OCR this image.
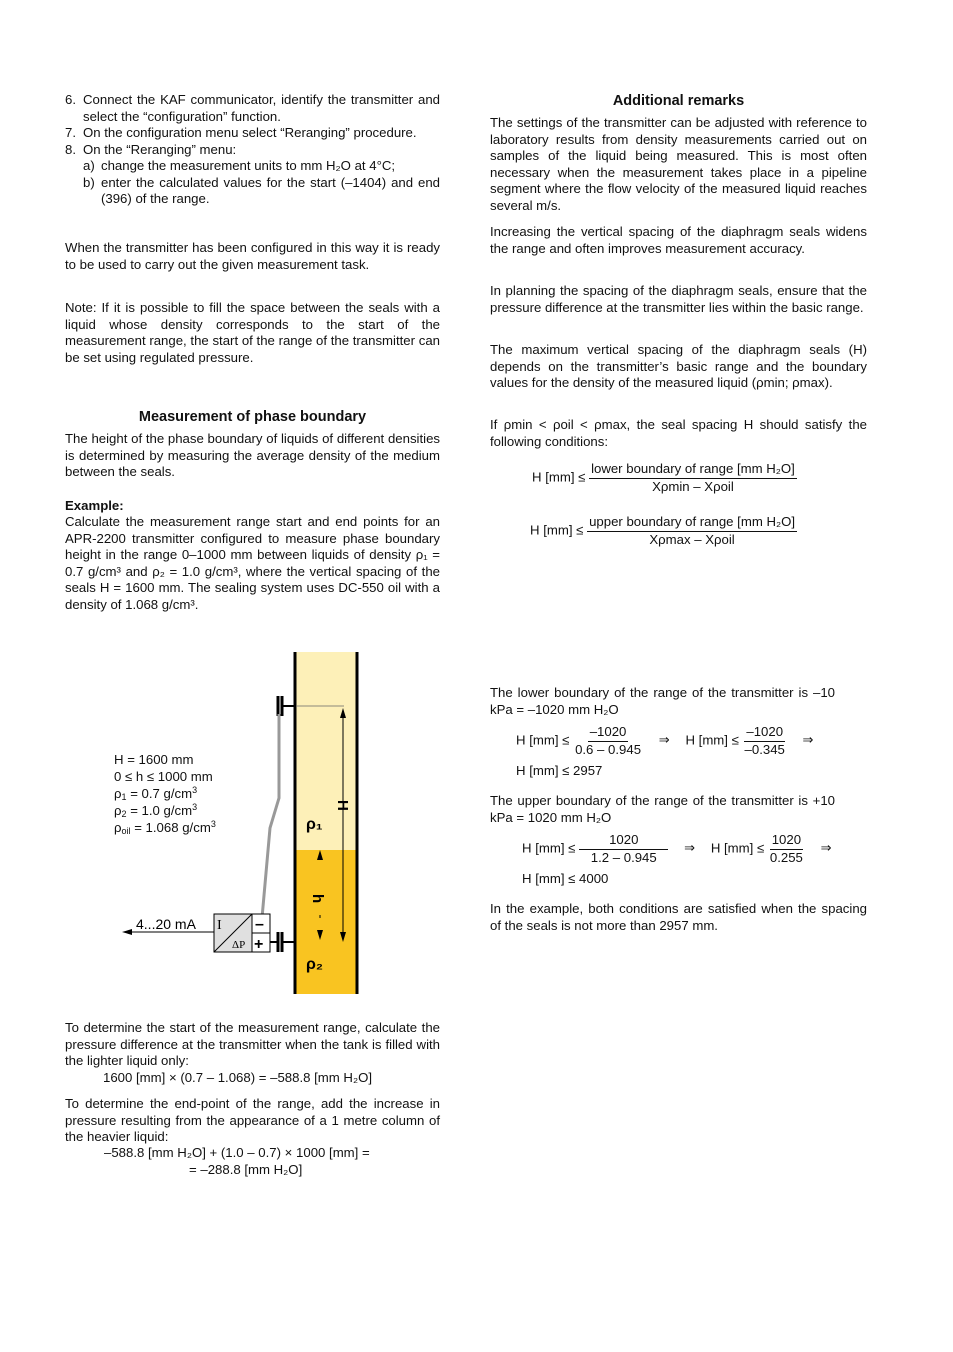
6. Connect the KAF communicator, identify the transmitter and select the “configuration” function.

7. On the configuration menu select “Reranging” procedure.

8. On the “Reranging” menu:

a) change the measurement units to mm H₂O at 4°C;

b) enter the calculated values for the start (–1404) and end (396) of the range.

When the transmitter has been configured in this way it is ready to be used to carry out the given measurement task.

Note: If it is possible to fill the space between the seals with a liquid whose density corresponds to the start of the measurement range, the start of the range of the transmitter can be set using regulated pressure.

Measurement of phase boundary

The height of the phase boundary of liquids of different densities is determined by measuring the average density of the medium between the seals.

Example:

Calculate the measurement range start and end points for an APR-2200 transmitter configured to measure phase boundary height in the range 0–1000 mm between liquids of density ρ₁ = 0.7 g/cm³ and ρ₂ = 1.0 g/cm³, where the vertical spacing of the seals H = 1600 mm. The sealing system uses DC-550 oil with a density of 1.068 g/cm³.

H
h
ρ₁
ρ₂
I
ΔP
–
+
4...20 mA
H = 1600 mm
0 ≤ h ≤ 1000 mm
$\rho_1 = 0.7$ $g/cm^3$
$\rho_2 = 1.0$ $g/cm^3$
$\rho_{oil} = 1.068$ $g/cm^3$

To determine the start of the measurement range, calculate the pressure difference at the transmitter when the tank is filled with the lighter liquid only:

1600 [mm] × (0.7 – 1.068) = –588.8 [mm H₂O]

To determine the end-point of the range, add the increase in pressure resulting from the appearance of a 1 metre column of the heavier liquid:

–588.8 [mm H₂O] + (1.0 – 0.7) × 1000 [mm] =
= –288.8 [mm H₂O]
Additional remarks

The settings of the transmitter can be adjusted with reference to laboratory results from density measurements carried out on samples of the liquid being measured. This is most often necessary when the measurement takes place in a pipeline segment where the flow velocity of the measured liquid reaches several m/s.

Increasing the vertical spacing of the diaphragm seals widens the range and often improves measurement accuracy.

In planning the spacing of the diaphragm seals, ensure that the pressure difference at the transmitter lies within the basic range.

The maximum vertical spacing of the diaphragm seals (H) depends on the transmitter’s basic range and the boundary values for the density of the measured liquid (ρmin; ρmax).

If ρmin < ρoil < ρmax, the seal spacing H should satisfy the following conditions:

H $[mm] \le \frac{\text{lower boundary of range [mm H₂O]}}{\text{Xρmin – Xρoil}}$
H $[mm] \le \frac{\text{upper boundary of range [mm H₂O]}}{\text{Xρmax – Xρoil}}$

The lower boundary of the range of the transmitter is –10 kPa = –1020 mm H₂O

H $[mm] \le \frac{-1020}{0.6 - 0.945}$ ⇒ H $[mm] \le \frac{-1020}{-0.345}$ ⇒
H [mm] ≤ 2957

The upper boundary of the range of the transmitter is +10 kPa = 1020 mm H₂O

H $[mm] \le \frac{1020}{1.2 - 0.945}$ ⇒ H $[mm] \le \frac{1020}{0.255}$ ⇒
H [mm] ≤ 4000

In the example, both conditions are satisfied when the spacing of the seals is not more than 2957 mm.
